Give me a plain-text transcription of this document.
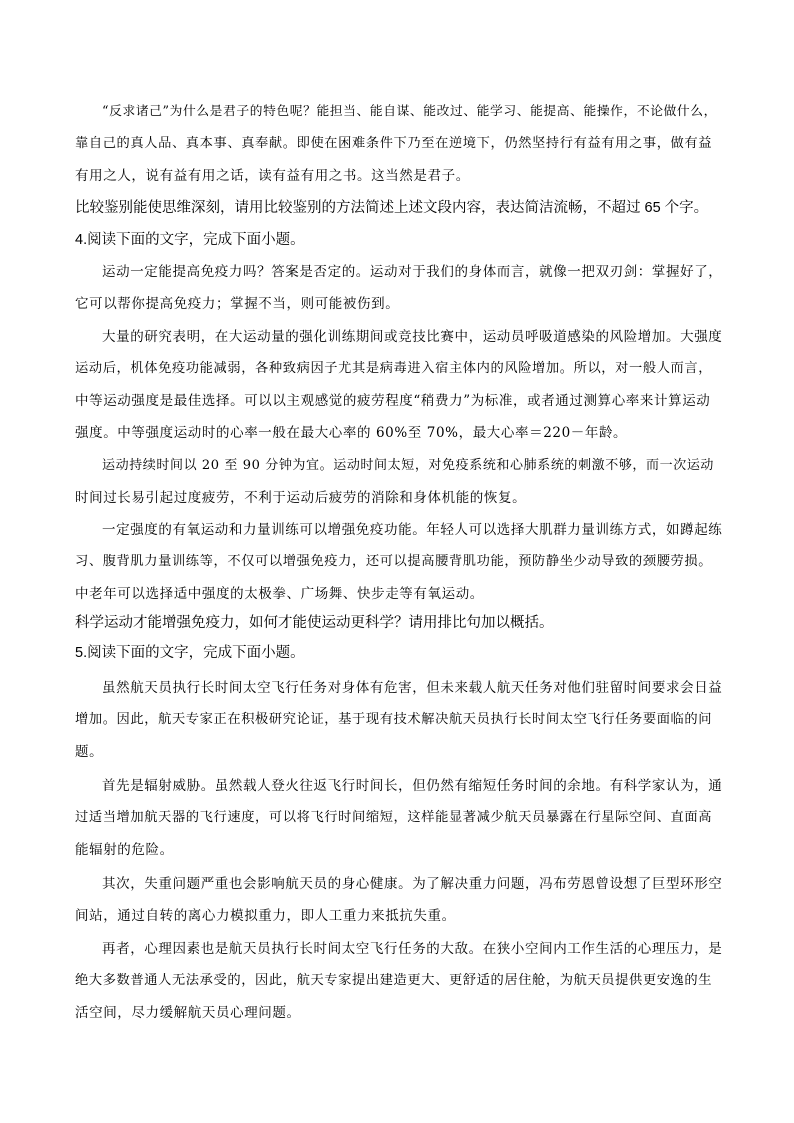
“反求诸己”为什么是君子的特色呢？能担当、能自谋、能改过、能学习、能提高、能操作，不论做什么，
靠自己的真人品、真本事、真奉献。即使在困难条件下乃至在逆境下，仍然坚持行有益有用之事，做有益
有用之人，说有益有用之话，读有益有用之书。这当然是君子。
比较鉴别能使思维深刻，请用比较鉴别的方法简述上述文段内容，表达简洁流畅，不超过 65 个字。
4.阅读下面的文字，完成下面小题。
运动一定能提高免疫力吗？答案是否定的。运动对于我们的身体而言，就像一把双刃剑：掌握好了，
它可以帮你提高免疫力；掌握不当，则可能被伤到。
大量的研究表明，在大运动量的强化训练期间或竞技比赛中，运动员呼吸道感染的风险增加。大强度
运动后，机体免疫功能减弱，各种致病因子尤其是病毒进入宿主体内的风险增加。所以，对一般人而言，
中等运动强度是最佳选择。可以以主观感觉的疲劳程度“稍费力”为标准，或者通过测算心率来计算运动
强度。中等强度运动时的心率一般在最大心率的 60%至 70%，最大心率＝220－年龄。
运动持续时间以 20 至 90 分钟为宜。运动时间太短，对免疫系统和心肺系统的刺激不够，而一次运动
时间过长易引起过度疲劳，不利于运动后疲劳的消除和身体机能的恢复。
一定强度的有氧运动和力量训练可以增强免疫功能。年轻人可以选择大肌群力量训练方式，如蹲起练
习、腹背肌力量训练等，不仅可以增强免疫力，还可以提高腰背肌功能，预防静坐少动导致的颈腰劳损。
中老年可以选择适中强度的太极拳、广场舞、快步走等有氧运动。
科学运动才能增强免疫力，如何才能使运动更科学？请用排比句加以概括。
5.阅读下面的文字，完成下面小题。
虽然航天员执行长时间太空飞行任务对身体有危害，但未来载人航天任务对他们驻留时间要求会日益
增加。因此，航天专家正在积极研究论证，基于现有技术解决航天员执行长时间太空飞行任务要面临的问
题。
首先是辐射威胁。虽然载人登火往返飞行时间长，但仍然有缩短任务时间的余地。有科学家认为，通
过适当增加航天器的飞行速度，可以将飞行时间缩短，这样能显著减少航天员暴露在行星际空间、直面高
能辐射的危险。
其次，失重问题严重也会影响航天员的身心健康。为了解决重力问题，冯布劳恩曾设想了巨型环形空
间站，通过自转的离心力模拟重力，即人工重力来抵抗失重。
再者，心理因素也是航天员执行长时间太空飞行任务的大敌。在狭小空间内工作生活的心理压力，是
绝大多数普通人无法承受的，因此，航天专家提出建造更大、更舒适的居住舱，为航天员提供更安逸的生
活空间，尽力缓解航天员心理问题。
